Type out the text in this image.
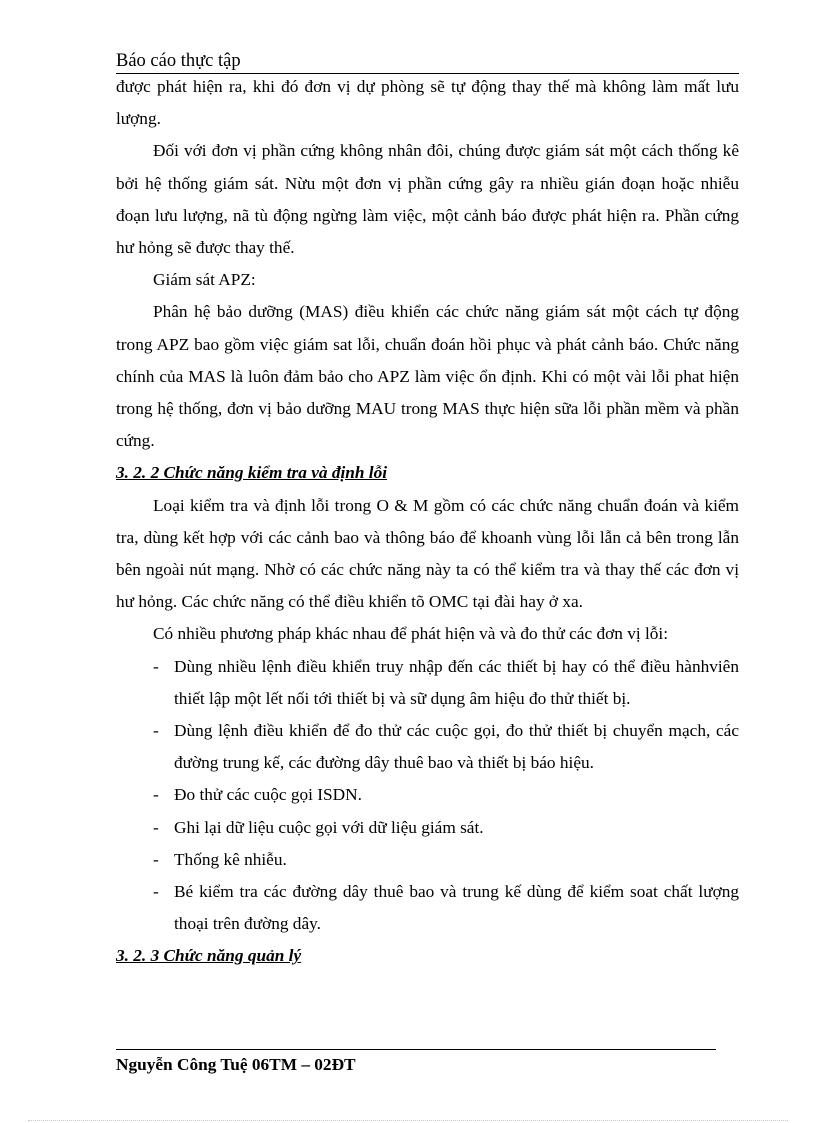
Báo cáo thực tập

được phát hiện ra, khi đó đơn vị dự phòng sẽ tự động thay thế mà không làm mất lưu lượng.

Đối với đơn vị phần cứng không nhân đôi, chúng được giám sát một cách thống kê bởi hệ thống giám sát. Nừu một đơn vị phần cứng gây ra nhiều gián đoạn hoặc nhiễu đoạn lưu lượng, nã tù động ngừng làm việc, một cảnh báo được phát hiện ra. Phần cứng hư hỏng sẽ được thay thế.

Giám sát APZ:

Phân hệ bảo dưỡng (MAS) điều khiển các chức năng giám sát một cách tự động trong APZ bao gồm việc giám sat lỗi, chuẩn đoán hồi phục và phát cảnh báo. Chức năng chính của MAS là luôn đảm bảo cho APZ làm việc ổn định. Khi có một vài lỗi phat hiện trong hệ thống, đơn vị bảo dưỡng MAU trong MAS thực hiện sữa lỗi phần mềm và phần cứng.

3. 2. 2 Chức năng kiểm tra và định lỗi

Loại kiểm tra và định lỗi trong O & M gồm có các chức năng chuẩn đoán và kiểm tra, dùng kết hợp với các cảnh bao và thông báo để khoanh vùng lỗi lẫn cả bên trong lẫn bên ngoài nút mạng. Nhờ có các chức năng này ta có thể kiểm tra và thay thế các đơn vị hư hỏng. Các chức năng có thể điều khiển tõ OMC tại đài hay ở xa.

Có nhiều phương pháp khác nhau để phát hiện và và đo thử các đơn vị lỗi:

- Dùng nhiều lệnh điều khiển truy nhập đến các thiết bị hay có thể điều hànhviên thiết lập một lết nối tới thiết bị và sữ dụng âm hiệu đo thử thiết bị.
- Dùng lệnh điều khiển để đo thử các cuộc gọi, đo thử thiết bị chuyển mạch, các đường trung kế, các đường dây thuê bao và thiết bị báo hiệu.
- Đo thử các cuộc gọi ISDN.
- Ghi lại dữ liệu cuộc gọi với dữ liệu giám sát.
- Thống kê nhiễu.
- Bé kiểm tra các đường dây thuê bao và trung kế dùng để kiểm soat chất lượng thoại trên đường dây.

3. 2. 3 Chức năng quản lý

Nguyễn Công Tuệ 06TM – 02ĐT
